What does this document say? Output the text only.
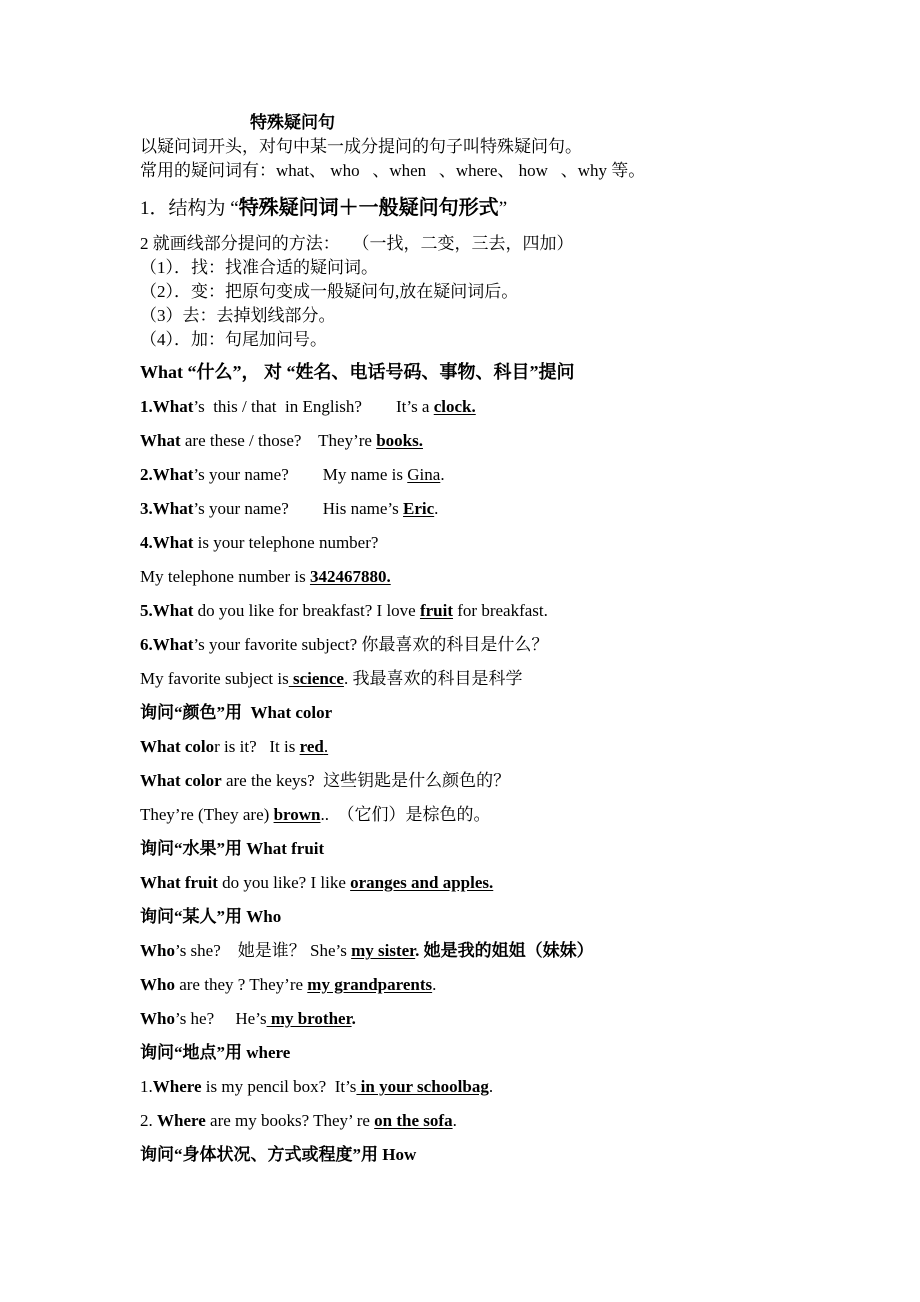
特殊疑问句
以疑问词开头，对句中某一成分提问的句子叫特殊疑问句。
常用的疑问词有：what、 who   、when   、where、 how   、why 等。
1．结构为 “特殊疑问词＋一般疑问句形式”
2 就画线部分提问的方法：   （一找，二变，三去，四加）
（1）．找：找准合适的疑问词。
（2）．变：把原句变成一般疑问句,放在疑问词后。
（3）去：去掉划线部分。
（4）．加：句尾加问号。
What “什么”， 对 “姓名、电话号码、事物、科目”提问
1.What’s  this / that  in English?        It’s a clock.
What are these / those?    They’re books.
2.What’s your name?        My name is Gina.
3.What’s your name?        His name’s Eric.
4.What is your telephone number?
My telephone number is 342467880.
5.What do you like for breakfast? I love fruit for breakfast.
6.What’s your favorite subject? 你最喜欢的科目是什么？
My favorite subject is science. 我最喜欢的科目是科学
询问“颜色”用  What color
What color is it?   It is red.
What color are the keys?  这些钥匙是什么颜色的？
They’re (They are) brown..  （它们）是棕色的。
询问“水果”用 What fruit
What fruit do you like? I like oranges and apples.
询问“某人”用 Who
Who’s she?    她是谁？ She’s my sister. 她是我的姐姐（妹妹）
Who are they ? They’re my grandparents.
Who’s he?     He’s my brother.
询问“地点”用 where
1.Where is my pencil box?  It’s in your schoolbag.
2. Where are my books? They’ re on the sofa.
询问“身体状况、方式或程度”用 How
